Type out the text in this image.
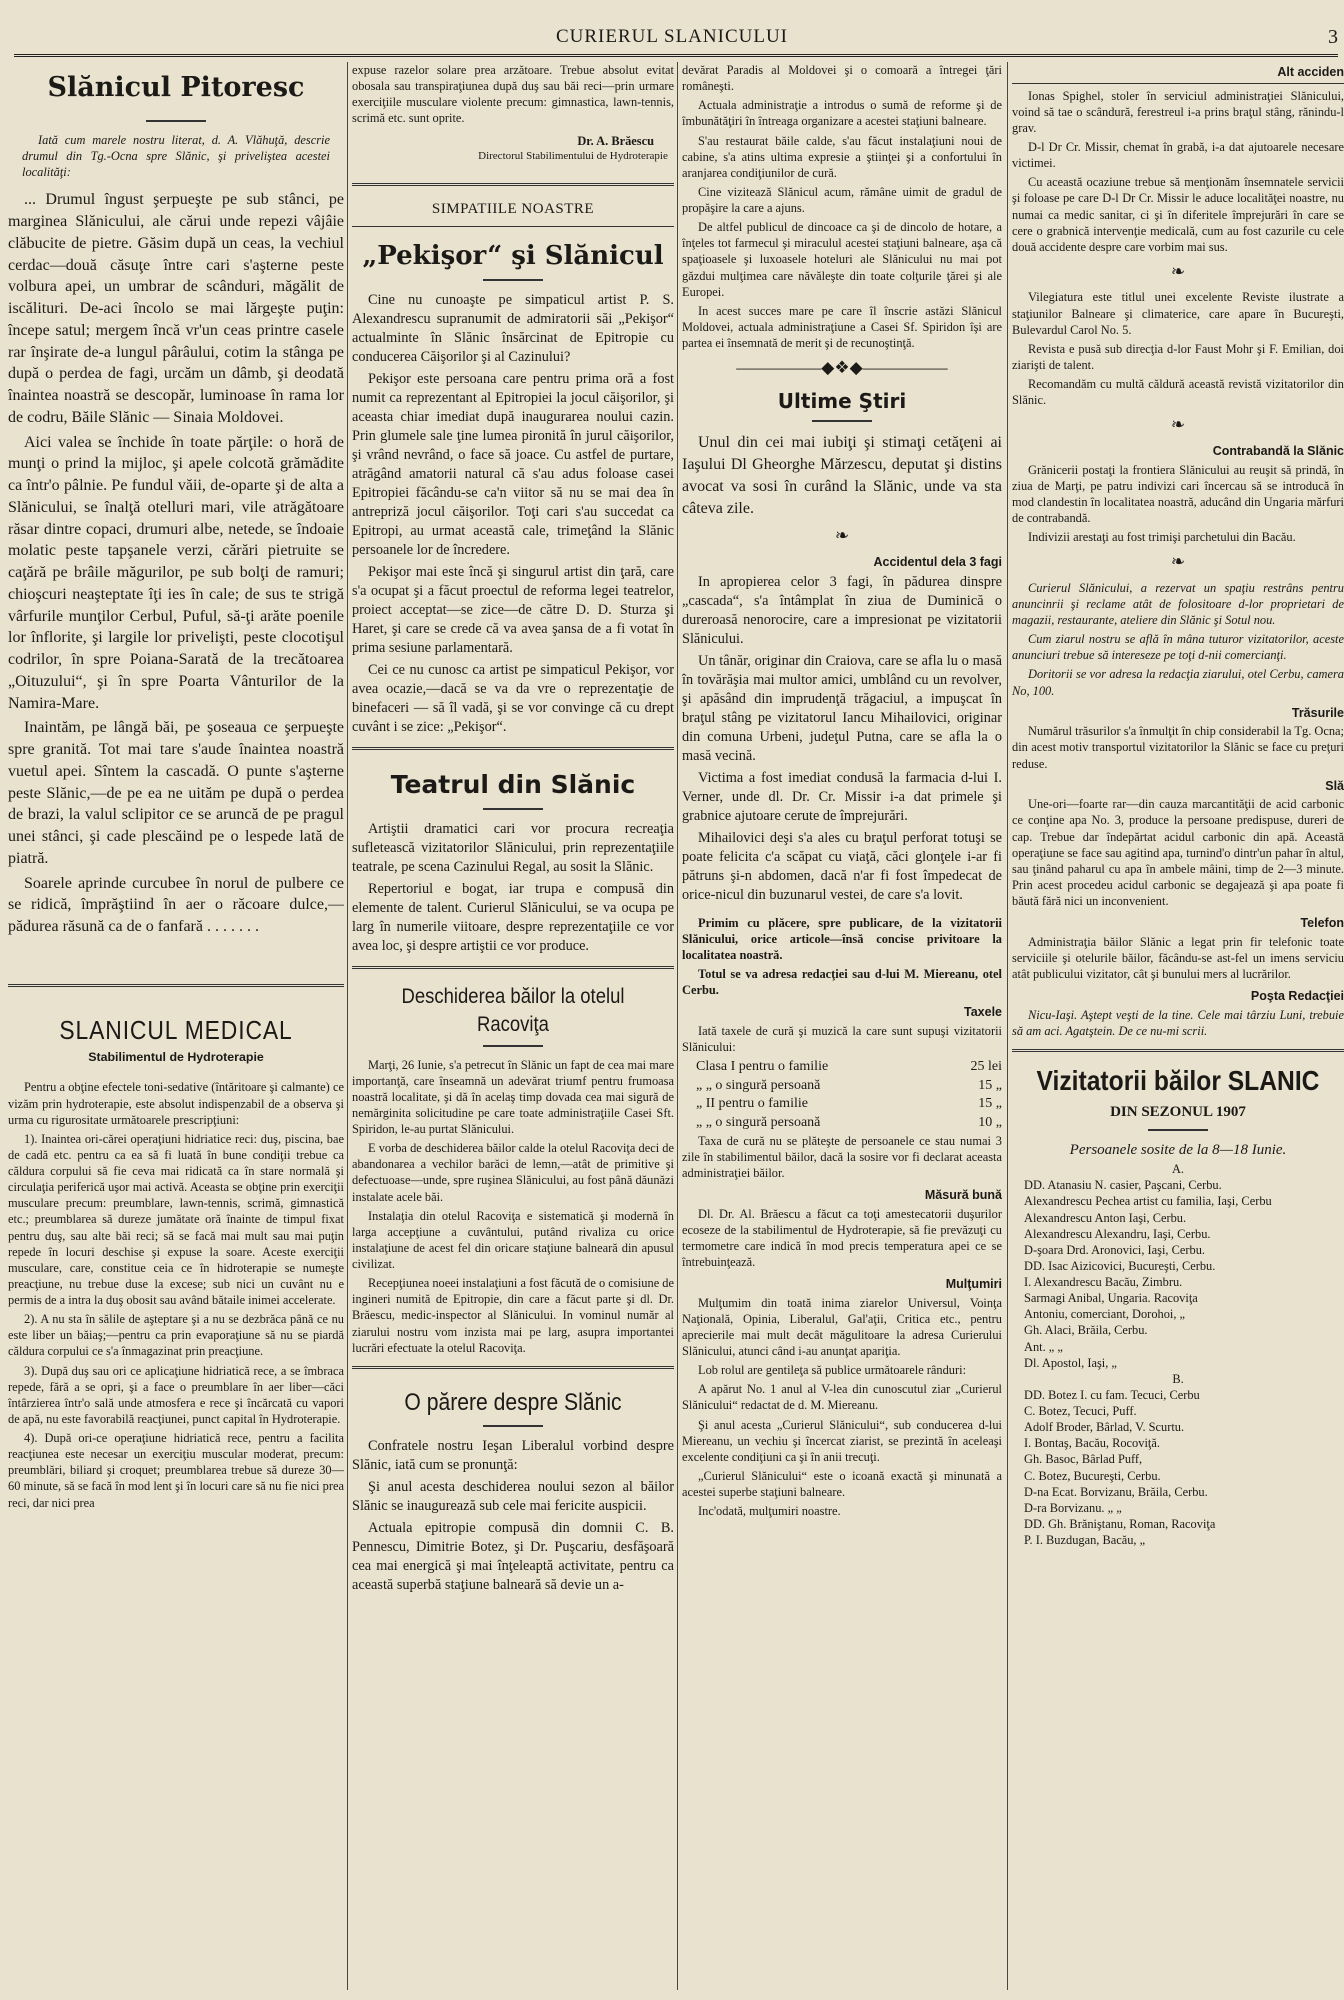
CURIERUL SLANICULUI	3
Slănicul Pitoresc

Iată cum marele nostru literat, d. A. Vlăhuţă, descrie drumul din Tg.-Ocna spre Slănic, şi priveliştea acestei localităţi:

... Drumul îngust şerpueşte pe sub stânci, pe marginea Slănicului, ale cărui unde repezi vâjâie clăbucite de pietre. Găsim după un ceas, la vechiul cerdac—două căsuţe între cari s'aşterne peste volbura apei, un umbrar de scânduri, măgălit de iscălituri. De-aci încolo se mai lărgeşte puţin: începe satul; mergem încă vr'un ceas printre casele rar înşirate de-a lungul pârâului, cotim la stânga pe după o perdea de fagi, urcăm un dâmb, şi deodată înaintea noastră se descopăr, luminoase în rama lor de codru, Băile Slănic — Sinaia Moldovei.

Aici valea se închide în toate părţile: o horă de munţi o prind la mijloc, şi apele colcotă grămădite ca într'o pâlnie. Pe fundul văii, de-oparte şi de alta a Slănicului, se înalţă otelluri mari, vile atrăgătoare răsar dintre copaci, drumuri albe, netede, se îndoaie molatic peste tapşanele verzi, cărări pietruite se caţără pe brâile măgurilor, pe sub bolţi de ramuri; chioşcuri neaşteptate îţi ies în cale; de sus te strigă vârfurile munţilor Cerbul, Puful, să-ţi arăte poenile lor înflorite, şi largile lor privelişti, peste clocotişul codrilor, în spre Poiana-Sarată de la trecătoarea „Oituzului“, şi în spre Poarta Vânturilor de la Namira-Mare.

Inaintăm, pe lângă băi, pe şoseaua ce şerpueşte spre granită. Tot mai tare s'aude înaintea noastră vuetul apei. Sîntem la cascadă. O punte s'aşterne peste Slănic,—de pe ea ne uităm pe după o perdea de brazi, la valul sclipitor ce se aruncă de pe pragul unei stânci, şi cade plescăind pe o lespede lată de piatră.

Soarele aprinde curcubee în norul de pulbere ce se ridică, împrăştiind în aer o răcoare dulce,—pădurea răsună ca de o fanfară . . . . . . .

SLANICUL MEDICAL
Stabilimentul de Hydroterapie

Pentru a obţine efectele toni-sedative (întăritoare şi calmante) ce vizăm prin hydroterapie, este absolut indispenzabil de a observa şi urma cu rigurositate următoarele prescripţiuni:

1). Inaintea ori-cărei operaţiuni hidriatice reci: duş, piscina, bae de cadă etc. pentru ca ea să fi luată în bune condiţii trebue ca căldura corpului să fie ceva mai ridicată ca în stare normală şi circulaţia periferică uşor mai activă. Aceasta se obţine prin exerciţii musculare precum: preumblare, lawn-tennis, scrimă, gimnastică etc.; preumblarea să dureze jumătate oră înainte de timpul fixat pentru duş, sau alte băi reci; să se facă mai mult sau mai puţin repede în locuri deschise şi expuse la soare. Aceste exerciţii musculare, care, constitue ceia ce în hidroterapie se numeşte preacţiune, nu trebue duse la excese; sub nici un cuvânt nu e permis de a intra la duş obosit sau având bătaile inimei accelerate.

2). A nu sta în sălile de aşteptare şi a nu se dezbrăca până ce nu este liber un băiaş;—pentru ca prin evaporaţiune să nu se piardă căldura corpului ce s'a înmagazinat prin preacţiune.

3). După duş sau ori ce aplicaţiune hidriatică rece, a se îmbraca repede, fără a se opri, şi a face o preumblare în aer liber—căci întârzierea într'o sală unde atmosfera e rece şi încărcată cu vapori de apă, nu este favorabilă reacţiunei, punct capital în Hydroterapie.

4). După ori-ce operaţiune hidriatică rece, pentru a facilita reacţiunea este necesar un exerciţiu muscular moderat, precum: preumblări, biliard şi croquet; preumblarea trebue să dureze 30—60 minute, să se facă în mod lent şi în locuri care să nu fie nici prea reci, dar nici prea

expuse razelor solare prea arzătoare. Trebue absolut evitat obosala sau transpiraţiunea după duş sau băi reci—prin urmare exerciţiile musculare violente precum: gimnastica, lawn-tennis, scrimă etc. sunt oprite.

Dr. A. Brăescu
Directorul Stabilimentului de Hydroterapie
SIMPATIILE NOASTRE
„Pekişor“ şi Slănicul

Cine nu cunoaşte pe simpaticul artist P. S. Alexandrescu supranumit de admiratorii săi „Pekişor“ actualminte în Slănic însărcinat de Epitropie cu conducerea Căişorilor şi al Cazinului?

Pekişor este persoana care pentru prima oră a fost numit ca reprezentant al Epitropiei la jocul căişorilor, şi aceasta chiar imediat după inaugurarea noului cazin. Prin glumele sale ţine lumea pironită în jurul căişorilor, şi vrând nevrând, o face să joace. Cu astfel de purtare, atrăgând amatorii natural că s'au adus foloase casei Epitropiei făcându-se ca'n viitor să nu se mai dea în antrepriză jocul căişorilor. Toţi cari s'au succedat ca Epitropi, au urmat această cale, trimeţând la Slănic persoanele lor de încredere.

Pekişor mai este încă şi singurul artist din ţară, care s'a ocupat şi a făcut proectul de reforma legei teatrelor, proiect acceptat—se zice—de către D. D. Sturza şi Haret, şi care se crede că va avea şansa de a fi votat în prima sesiune parlamentară.

Cei ce nu cunosc ca artist pe simpaticul Pekişor, vor avea ocazie,—dacă se va da vre o reprezentaţie de binefaceri — să îl vadă, şi se vor convinge că cu drept cuvânt i se zice: „Pekişor“.

Teatrul din Slănic

Artiştii dramatici cari vor procura recreaţia sufletească vizitatorilor Slănicului, prin reprezentaţiile teatrale, pe scena Cazinului Regal, au sosit la Slănic.

Repertoriul e bogat, iar trupa e compusă din elemente de talent. Curierul Slănicului, se va ocupa pe larg în numerile viitoare, despre reprezentaţiile ce vor avea loc, şi despre artiştii ce vor produce.

Deschiderea băilor la otelul Racoviţa

Marţi, 26 Iunie, s'a petrecut în Slănic un fapt de cea mai mare importanţă, care înseamnă un adevărat triumf pentru frumoasa noastră localitate, şi dă în acelaş timp dovada cea mai sigură de nemărginita solicitudine pe care toate administraţiile Casei Sft. Spiridon, le-au purtat Slănicului.

E vorba de deschiderea băilor calde la otelul Racoviţa deci de abandonarea a vechilor barăci de lemn,—atât de primitive şi defectuoase—unde, spre ruşinea Slănicului, au fost până dăunăzi instalate acele băi.

Instalaţia din otelul Racoviţa e sistematică şi modernă în larga accepţiune a cuvântului, putând rivaliza cu orice instalaţiune de acest fel din oricare staţiune balneară din apusul civilizat.

Recepţiunea noeei instalaţiuni a fost făcută de o comisiune de ingineri numită de Epitropie, din care a făcut parte şi dl. Dr. Brăescu, medic-inspector al Slănicului. In vominul număr al ziarului nostru vom inzista mai pe larg, asupra importantei lucrări efectuate la otelul Racoviţa.

O părere despre Slănic

Confratele nostru Ieşan Liberalul vorbind despre Slănic, iată cum se pronunţă:

Şi anul acesta deschiderea noului sezon al băilor Slănic se inaugurează sub cele mai fericite auspicii.

Actuala epitropie compusă din domnii C. B. Pennescu, Dimitrie Botez, şi Dr. Puşcariu, desfăşoară cea mai energică şi mai înţeleaptă activitate, pentru ca această superbă staţiune balneară să devie un a-

devărat Paradis al Moldovei şi o comoară a întregei ţări româneşti.

Actuala administraţie a introdus o sumă de reforme şi de îmbunătăţiri în întreaga organizare a acestei staţiuni balneare.

S'au restaurat băile calde, s'au făcut instalaţiuni noui de cabine, s'a atins ultima expresie a ştiinţei şi a confortului în aranjarea condiţiunilor de cură.

Cine vizitează Slănicul acum, rămâne uimit de gradul de propăşire la care a ajuns.

De altfel publicul de dincoace ca şi de dincolo de hotare, a înţeles tot farmecul şi miraculul acestei staţiuni balneare, aşa că spaţioasele şi luxoasele hoteluri ale Slănicului nu mai pot găzdui mulţimea care năvăleşte din toate colţurile ţărei şi ale Europei.

In acest succes mare pe care îl înscrie astăzi Slănicul Moldovei, actuala administraţiune a Casei Sf. Spiridon îşi are partea ei însemnată de merit şi de recunoştinţă.

—————◆❖◆—————
Ultime Ştiri

Unul din cei mai iubiţi şi stimaţi cetăţeni ai Iaşului Dl Gheorghe Mărzescu, deputat şi distins avocat va sosi în curând la Slănic, unde va sta câteva zile.

❧
Accidentul dela 3 fagi

In apropierea celor 3 fagi, în pădurea dinspre „cascada“, s'a întâmplat în ziua de Duminică o dureroasă nenorocire, care a impresionat pe vizitatorii Slănicului.

Un tânăr, originar din Craiova, care se afla lu o masă în tovărăşia mai multor amici, umblând cu un revolver, şi apăsând din imprudenţă trăgaciul, a impuşcat în braţul stâng pe vizitatorul Iancu Mihailovici, originar din comuna Urbeni, judeţul Putna, care se afla la o masă vecină.

Victima a fost imediat condusă la farmacia d-lui I. Verner, unde dl. Dr. Cr. Missir i-a dat primele şi grabnice ajutoare cerute de împrejurări.

Mihailovici deşi s'a ales cu braţul perforat totuşi se poate felicita c'a scăpat cu viaţă, căci glonţele i-ar fi pătruns şi-n abdomen, dacă n'ar fi fost împedecat de orice-nicul din buzunarul vestei, de care s'a lovit.

Primim cu plăcere, spre publicare, de la vizitatorii Slănicului, orice articole—însă concise privitoare la localitatea noastră.

Totul se va adresa redacţiei sau d-lui M. Miereanu, otel Cerbu.

Taxele

Iată taxele de cură şi muzică la care sunt supuşi vizitatorii Slănicului:

Clasa I pentru o familie	25 lei
„ „ o singură persoană	15 „
„ II pentru o familie	15 „
„ „ o singură persoană	10 „

Taxa de cură nu se plăteşte de persoanele ce stau numai 3 zile în stabilimentul băilor, dacă la sosire vor fi declarat aceasta administraţiei băilor.

Măsură bună

Dl. Dr. Al. Brăescu a făcut ca toţi amestecatorii duşurilor ecoseze de la stabilimentul de Hydroterapie, să fie prevăzuţi cu termometre care indică în mod precis temperatura apei ce se întrebuinţează.

Mulţumiri

Mulţumim din toată inima ziarelor Universul, Voinţa Naţională, Opinia, Liberalul, Gal'aţii, Critica etc., pentru aprecierile mai mult decât măgulitoare la adresa Curierului Slănicului, atunci când i-au anunţat apariţia.

Lob rolul are gentileţa să publice următoarele rânduri:

A apărut No. 1 anul al V-lea din cunoscutul ziar „Curierul Slănicului“ redactat de d. M. Miereanu.

Şi anul acesta „Curierul Slănicului“, sub conducerea d-lui Miereanu, un vechiu şi încercat ziarist, se prezintă în aceleaşi excelente condiţiuni ca şi în anii trecuţi.

„Curierul Slănicului“ este o icoană exactă şi minunată a acestei superbe staţiuni balneare.

Inc'odată, mulţumiri noastre.

Alt acciden

Ionas Spighel, stoler în serviciul administraţiei Slănicului, voind să tae o scândură, ferestreul i-a prins braţul stâng, rănindu-l grav.

D-l Dr Cr. Missir, chemat în grabă, i-a dat ajutoarele necesare victimei.

Cu această ocaziune trebue să menţionăm însemnatele servicii şi foloase pe care D-l Dr Cr. Missir le aduce localităţei noastre, nu numai ca medic sanitar, ci şi în diferitele împrejurări în care se cere o grabnică intervenţie medicală, cum au fost cazurile cu cele două accidente despre care vorbim mai sus.

❧

Vilegiatura este titlul unei excelente Reviste ilustrate a staţiunilor Balneare şi climaterice, care apare în Bucureşti, Bulevardul Carol No. 5.

Revista e pusă sub direcţia d-lor Faust Mohr şi F. Emilian, doi ziarişti de talent.

Recomandăm cu multă căldură această revistă vizitatorilor din Slănic.

❧
Contrabandă la Slănic

Grănicerii postaţi la frontiera Slănicului au reuşit să prindă, în ziua de Marţi, pe patru indivizi cari încercau să se introducă în mod clandestin în localitatea noastră, aducând din Ungaria mărfuri de contrabandă.

Indivizii arestaţi au fost trimişi parchetului din Bacău.

❧

Curierul Slănicului, a rezervat un spaţiu restrâns pentru anuncinrii şi reclame atât de folositoare d-lor proprietari de magazii, restaurante, ateliere din Slănic şi Sotul nou.

Cum ziarul nostru se află în mâna tuturor vizitatorilor, aceste anunciuri trebue să intereseze pe toţi d-nii comercianţi.

Doritorii se vor adresa la redacţia ziarului, otel Cerbu, camera No, 100.

Trăsurile

Numărul trăsurilor s'a înmulţit în chip considerabil la Tg. Ocna; din acest motiv transportul vizitatorilor la Slănic se face cu preţuri reduse.

Slă

Une-ori—foarte rar—din cauza marcantităţii de acid carbonic ce conţine apa No. 3, produce la persoane predispuse, dureri de cap. Trebue dar îndepărtat acidul carbonic din apă. Această operaţiune se face sau agitind apa, turnind'o dintr'un pahar în altul, sau ţinând paharul cu apa în ambele mâini, timp de 2—3 minute. Prin acest procedeu acidul carbonic se degajează şi apa poate fi băută fără nici un inconvenient.

Telefon

Administraţia băilor Slănic a legat prin fir telefonic toate serviciile şi otelurile băilor, făcându-se ast-fel un imens serviciu atât publicului vizitator, cât şi bunului mers al lucrărilor.

Poşta Redacţiei

Nicu-Iaşi. Aştept veşti de la tine. Cele mai târziu Luni, trebuie să am aci. Agatştein. De ce nu-mi scrii.

Vizitatorii băilor SLANIC
DIN SEZONUL 1907
Persoanele sosite de la 8—18 Iunie.
A.
DD. Atanasiu N. casier, Paşcani, Cerbu.
Alexandrescu Pechea artist cu familia, Iaşi, Cerbu
Alexandrescu Anton Iaşi, Cerbu.
Alexandrescu Alexandru, Iaşi, Cerbu.
D-şoara Drd. Aronovici, Iaşi, Cerbu.
DD. Isac Aizicovici, Bucureşti, Cerbu.
I. Alexandrescu Bacău, Zimbru.
Sarmagi Anibal, Ungaria. Racoviţa
Antoniu, comerciant, Dorohoi, „
Gh. Alaci, Brăila, Cerbu.
Ant. „ „
Dl. Apostol, Iaşi, „
B.
DD. Botez I. cu fam. Tecuci, Cerbu
C. Botez, Tecuci, Puff.
Adolf Broder, Bârlad, V. Scurtu.
I. Bontaş, Bacău, Rocoviţă.
Gh. Basoc, Bârlad Puff,
C. Botez, Bucureşti, Cerbu.
D-na Ecat. Borvizanu, Brăila, Cerbu.
D-ra Borvizanu. „ „
DD. Gh. Brăniştanu, Roman, Racoviţa
P. I. Buzdugan, Bacău, „
